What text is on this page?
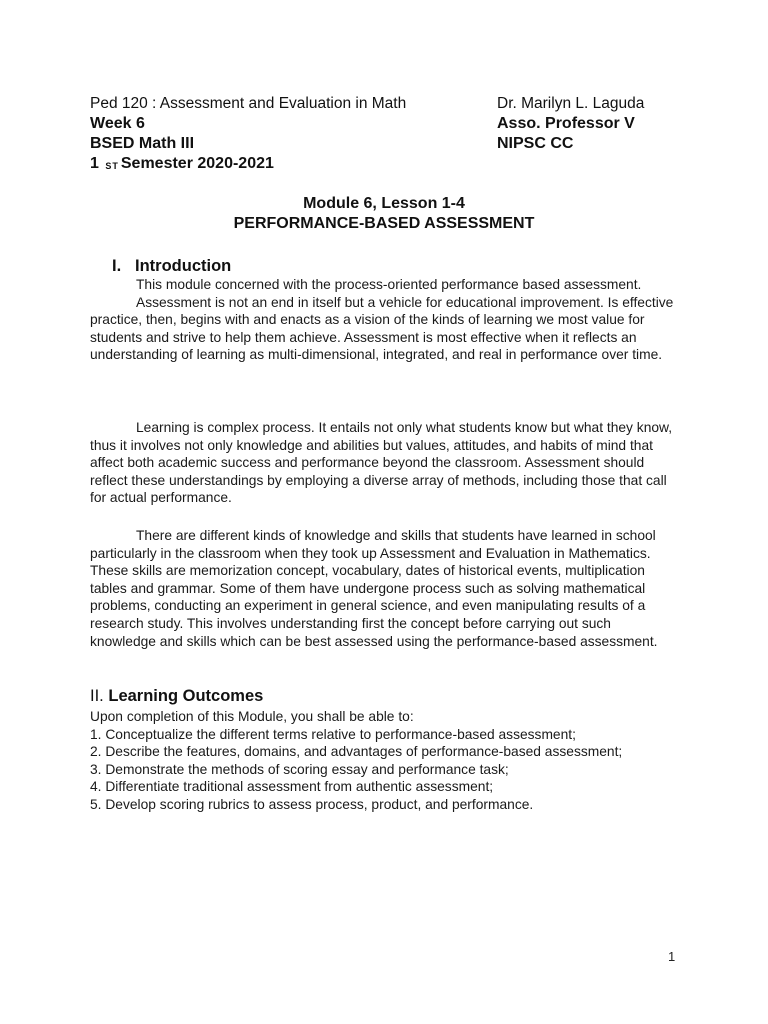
Ped 120 : Assessment and Evaluation in Math
Week 6
BSED Math III
1 ST Semester 2020-2021
Dr. Marilyn L. Laguda
Asso. Professor V
NIPSC CC
Module 6, Lesson 1-4
PERFORMANCE-BASED ASSESSMENT
I. Introduction

This module concerned with the process-oriented performance based assessment.

Assessment is not an end in itself but a vehicle for educational improvement. Is effective practice, then, begins with and enacts as a vision of the kinds of learning we most value for students and strive to help them achieve. Assessment is most effective when it reflects an understanding of learning as multi-dimensional, integrated, and real in performance over time.

Learning is complex process. It entails not only what students know but what they know, thus it involves not only knowledge and abilities but values, attitudes, and habits of mind that affect both academic success and performance beyond the classroom. Assessment should reflect these understandings by employing a diverse array of methods, including those that call for actual performance.

There are different kinds of knowledge and skills that students have learned in school particularly in the classroom when they took up Assessment and Evaluation in Mathematics. These skills are memorization concept, vocabulary, dates of historical events, multiplication tables and grammar. Some of them have undergone process such as solving mathematical problems, conducting an experiment in general science, and even manipulating results of a research study. This involves understanding first the concept before carrying out such knowledge and skills which can be best assessed using the performance-based assessment.

II. Learning Outcomes

Upon completion of this Module, you shall be able to:

1. Conceptualize the different terms relative to performance-based assessment;

2. Describe the features, domains, and advantages of performance-based assessment;

3. Demonstrate the methods of scoring essay and performance task;

4. Differentiate traditional assessment from authentic assessment;

5. Develop scoring rubrics to assess process, product, and performance.

1
